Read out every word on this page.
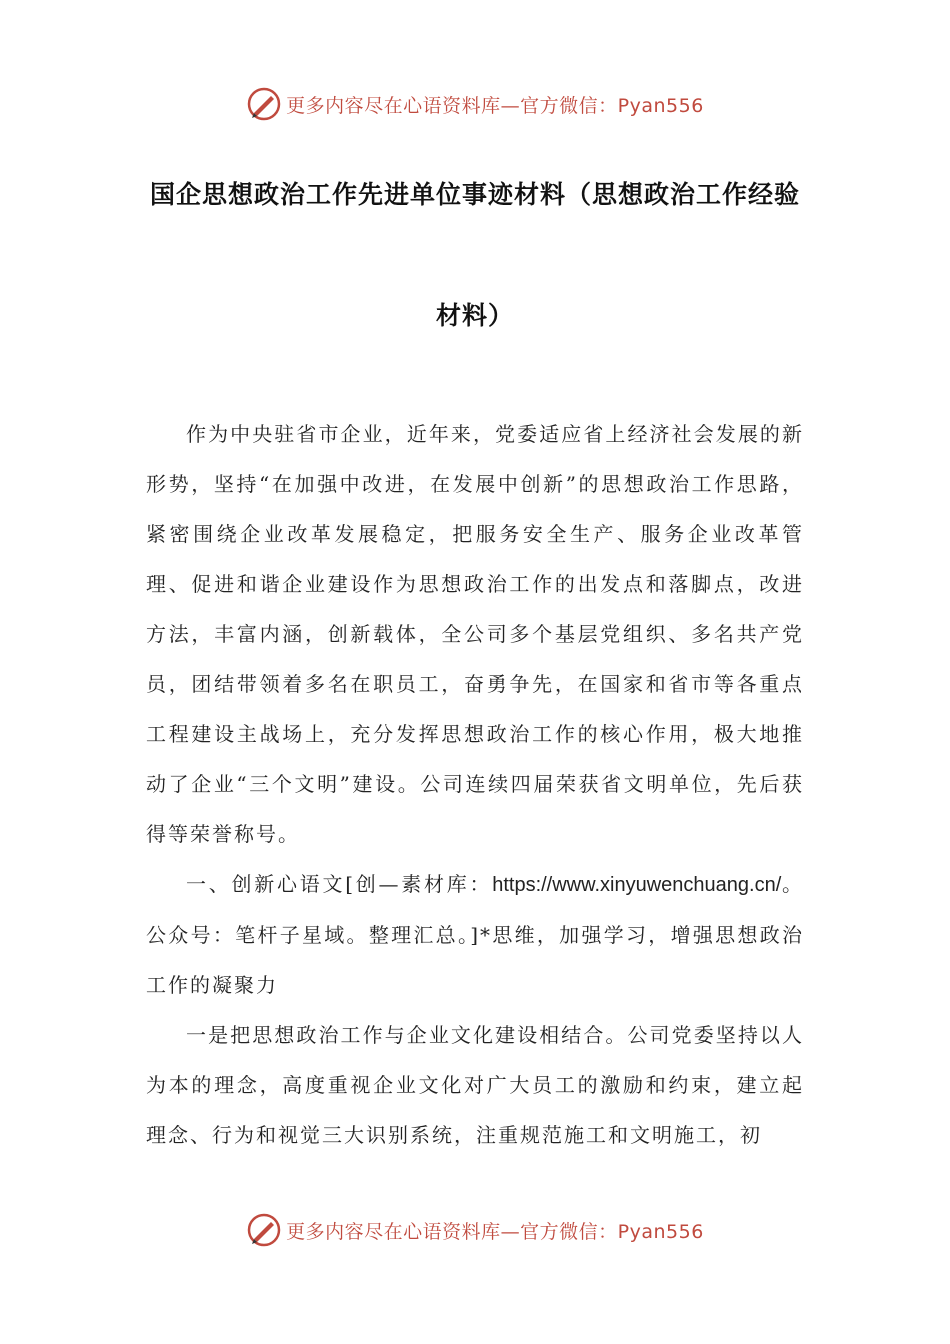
更多内容尽在心语资料库—官方微信：Pyan556
国企思想政治工作先进单位事迹材料（思想政治工作经验
材料）

作为中央驻省市企业，近年来，党委适应省上经济社会发展的新形势，坚持“在加强中改进，在发展中创新”的思想政治工作思路，紧密围绕企业改革发展稳定，把服务安全生产、服务企业改革管理、促进和谐企业建设作为思想政治工作的出发点和落脚点，改进方法，丰富内涵，创新载体，全公司多个基层党组织、多名共产党员，团结带领着多名在职员工，奋勇争先，在国家和省市等各重点工程建设主战场上，充分发挥思想政治工作的核心作用，极大地推动了企业“三个文明”建设。公司连续四届荣获省文明单位，先后获得等荣誉称号。

一、创新心语文[创—素材库：https://www.xinyuwenchuang.cn/。公众号：笔杆子星域。整理汇总。]*思维，加强学习，增强思想政治工作的凝聚力

一是把思想政治工作与企业文化建设相结合。公司党委坚持以人为本的理念，高度重视企业文化对广大员工的激励和约束，建立起理念、行为和视觉三大识别系统，注重规范施工和文明施工，初

更多内容尽在心语资料库—官方微信：Pyan556
